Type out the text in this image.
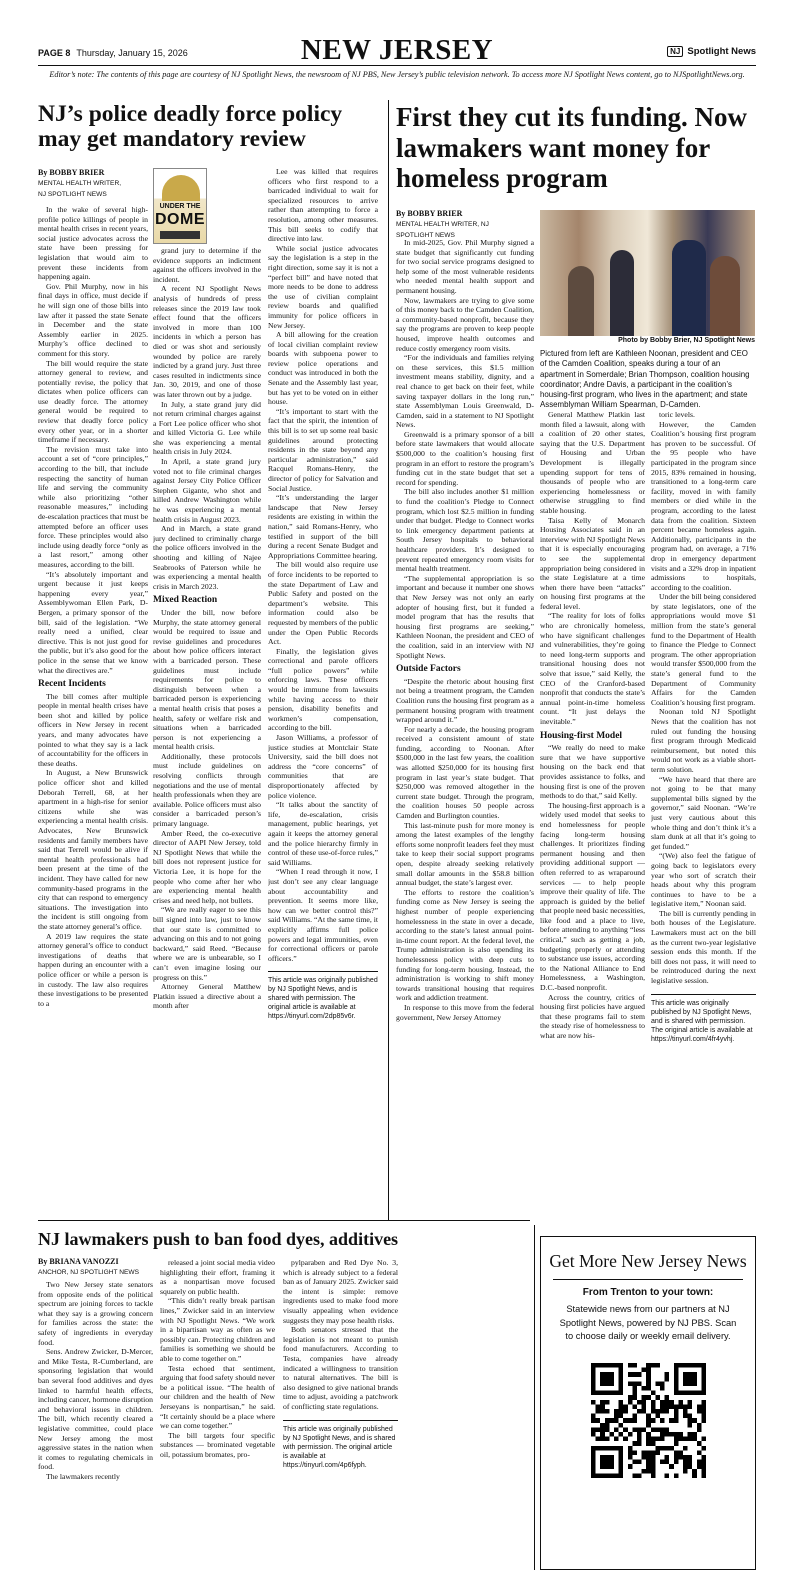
PAGE 8 Thursday, January 15, 2026	NEW JERSEY	NJ Spotlight News
Editor’s note: The contents of this page are courtesy of NJ Spotlight News, the newsroom of NJ PBS, New Jersey’s public television network. To access more NJ Spotlight News content, go to NJSpotlightNews.org.
NJ’s police deadly force policy may get mandatory review
By BOBBY BRIER
MENTAL HEALTH WRITER,
NJ SPOTLIGHT NEWS
UNDER THE
DOME

In the wake of several high-profile police killings of people in mental health crises in recent years, social justice advocates across the state have been pressing for legislation that would aim to prevent these incidents from happening again.

Gov. Phil Murphy, now in his final days in office, must decide if he will sign one of those bills into law after it passed the state Senate in December and the state Assembly earlier in 2025. Murphy’s office declined to comment for this story.

The bill would require the state attorney general to review, and potentially revise, the policy that dictates when police officers can use deadly force. The attorney general would be required to review that deadly force policy every other year, or in a shorter timeframe if necessary.

The revision must take into account a set of “core principles,” according to the bill, that include respecting the sanctity of human life and serving the community while also prioritizing “other reasonable measures,” including de-escalation practices that must be attempted before an officer uses force. These principles would also include using deadly force “only as a last resort,” among other measures, according to the bill.

“It’s absolutely important and urgent because it just keeps happening every year,” Assemblywoman Ellen Park, D-Bergen, a primary sponsor of the bill, said of the legislation. “We really need a unified, clear directive. This is not just good for the public, but it’s also good for the police in the sense that we know what the directives are.”

Recent Incidents

The bill comes after multiple people in mental health crises have been shot and killed by police officers in New Jersey in recent years, and many advocates have pointed to what they say is a lack of accountability for the officers in these deaths.

In August, a New Brunswick police officer shot and killed Deborah Terrell, 68, at her apartment in a high-rise for senior citizens while she was experiencing a mental health crisis. Advocates, New Brunswick residents and family members have said that Terrell would be alive if mental health professionals had been present at the time of the incident. They have called for new community-based programs in the city that can respond to emergency situations. The investigation into the incident is still ongoing from the state attorney general’s office.

A 2019 law requires the state attorney general’s office to conduct investigations of deaths that happen during an encounter with a police officer or while a person is in custody. The law also requires these investigations to be presented to a

grand jury to determine if the evidence supports an indictment against the officers involved in the incident.

A recent NJ Spotlight News analysis of hundreds of press releases since the 2019 law took effect found that the officers involved in more than 100 incidents in which a person has died or was shot and seriously wounded by police are rarely indicted by a grand jury. Just three cases resulted in indictments since Jan. 30, 2019, and one of those was later thrown out by a judge.

In July, a state grand jury did not return criminal charges against a Fort Lee police officer who shot and killed Victoria G. Lee while she was experiencing a mental health crisis in July 2024.

In April, a state grand jury voted not to file criminal charges against Jersey City Police Officer Stephen Gigante, who shot and killed Andrew Washington while he was experiencing a mental health crisis in August 2023.

And in March, a state grand jury declined to criminally charge the police officers involved in the shooting and killing of Najee Seabrooks of Paterson while he was experiencing a mental health crisis in March 2023.

Mixed Reaction

Under the bill, now before Murphy, the state attorney general would be required to issue and revise guidelines and procedures about how police officers interact with a barricaded person. These guidelines must include requirements for police to distinguish between when a barricaded person is experiencing a mental health crisis that poses a health, safety or welfare risk and situations when a barricaded person is not experiencing a mental health crisis.

Additionally, these protocols must include guidelines on resolving conflicts through negotiations and the use of mental health professionals when they are available. Police officers must also consider a barricaded person’s primary language.

Amber Reed, the co-executive director of AAPI New Jersey, told NJ Spotlight News that while the bill does not represent justice for Victoria Lee, it is hope for the people who come after her who are experiencing mental health crises and need help, not bullets.

“We are really eager to see this bill signed into law, just to know that our state is committed to advancing on this and to not going backward,” said Reed. “Because where we are is unbearable, so I can’t even imagine losing our progress on this.”

Attorney General Matthew Platkin issued a directive about a month after

Lee was killed that requires officers who first respond to a barricaded individual to wait for specialized resources to arrive rather than attempting to force a resolution, among other measures. This bill seeks to codify that directive into law.

While social justice advocates say the legislation is a step in the right direction, some say it is not a “perfect bill” and have noted that more needs to be done to address the use of civilian complaint review boards and qualified immunity for police officers in New Jersey.

A bill allowing for the creation of local civilian complaint review boards with subpoena power to review police operations and conduct was introduced in both the Senate and the Assembly last year, but has yet to be voted on in either house.

“It’s important to start with the fact that the spirit, the intention of this bill is to set up some real basic guidelines around protecting residents in the state beyond any particular administration,” said Racquel Romans-Henry, the director of policy for Salvation and Social Justice.

“It’s understanding the larger landscape that New Jersey residents are existing in within the nation,” said Romans-Henry, who testified in support of the bill during a recent Senate Budget and Appropriations Committee hearing.

The bill would also require use of force incidents to be reported to the state Department of Law and Public Safety and posted on the department’s website. This information could also be requested by members of the public under the Open Public Records Act.

Finally, the legislation gives correctional and parole officers “full police powers” while enforcing laws. These officers would be immune from lawsuits while having access to their pension, disability benefits and workmen’s compensation, according to the bill.

Jason Williams, a professor of justice studies at Montclair State University, said the bill does not address the “core concerns” of communities that are disproportionately affected by police violence.

“It talks about the sanctity of life, de-escalation, crisis management, public hearings, yet again it keeps the attorney general and the police hierarchy firmly in control of these use-of-force rules,” said Williams.

“When I read through it now, I just don’t see any clear language about accountability and prevention. It seems more like, how can we better control this?” said Williams. “At the same time, it explicitly affirms full police powers and legal immunities, even for correctional officers or parole officers.”

This article was originally published by NJ Spotlight News, and is shared with permission. The original article is available at https://tinyurl.com/2dp85v6r.
First they cut its funding. Now lawmakers want money for homeless program
By BOBBY BRIER
MENTAL HEALTH WRITER, NJ
SPOTLIGHT NEWS
Photo by Bobby Brier, NJ Spotlight News
Pictured from left are Kathleen Noonan, president and CEO of the Camden Coalition, speaks during a tour of an apartment in Somerdale; Brian Thompson, coalition housing coordinator; Andre Davis, a participant in the coalition’s housing-first program, who lives in the apartment; and state Assemblyman William Spearman, D-Camden.

In mid-2025, Gov. Phil Murphy signed a state budget that significantly cut funding for two social service programs designed to help some of the most vulnerable residents who needed mental health support and permanent housing.

Now, lawmakers are trying to give some of this money back to the Camden Coalition, a community-based nonprofit, because they say the programs are proven to keep people housed, improve health outcomes and reduce costly emergency room visits.

“For the individuals and families relying on these services, this $1.5 million investment means stability, dignity, and a real chance to get back on their feet, while saving taxpayer dollars in the long run,” state Assemblyman Louis Greenwald, D-Camden, said in a statement to NJ Spotlight News.

Greenwald is a primary sponsor of a bill before state lawmakers that would allocate $500,000 to the coalition’s housing first program in an effort to restore the program’s funding cut in the state budget that set a record for spending.

The bill also includes another $1 million to fund the coalition’s Pledge to Connect program, which lost $2.5 million in funding under that budget. Pledge to Connect works to link emergency department patients at South Jersey hospitals to behavioral healthcare providers. It’s designed to prevent repeated emergency room visits for mental health treatment.

“The supplemental appropriation is so important and because it number one shows that New Jersey was not only an early adopter of housing first, but it funded a model program that has the results that housing first programs are seeking,” Kathleen Noonan, the president and CEO of the coalition, said in an interview with NJ Spotlight News.

Outside Factors

“Despite the rhetoric about housing first not being a treatment program, the Camden Coalition runs the housing first program as a permanent housing program with treatment wrapped around it.”

For nearly a decade, the housing program received a consistent amount of state funding, according to Noonan. After $500,000 in the last few years, the coalition was allotted $250,000 for its housing first program in last year’s state budget. That $250,000 was removed altogether in the current state budget. Through the program, the coalition houses 50 people across Camden and Burlington counties.

This last-minute push for more money is among the latest examples of the lengthy efforts some nonprofit leaders feel they must take to keep their social support programs open, despite already seeking relatively small dollar amounts in the $58.8 billion annual budget, the state’s largest ever.

The efforts to restore the coalition’s funding come as New Jersey is seeing the highest number of people experiencing homelessness in the state in over a decade, according to the state’s latest annual point-in-time count report. At the federal level, the Trump administration is also upending its homelessness policy with deep cuts to funding for long-term housing. Instead, the administration is working to shift money towards transitional housing that requires work and addiction treatment.

In response to this move from the federal government, New Jersey Attorney

General Matthew Platkin last month filed a lawsuit, along with a coalition of 20 other states, saying that the U.S. Department of Housing and Urban Development is illegally upending support for tens of thousands of people who are experiencing homelessness or otherwise struggling to find stable housing.

Taisa Kelly of Monarch Housing Associates said in an interview with NJ Spotlight News that it is especially encouraging to see the supplemental appropriation being considered in the state Legislature at a time when there have been “attacks” on housing first programs at the federal level.

“The reality for lots of folks who are chronically homeless, who have significant challenges and vulnerabilities, they’re going to need long-term supports and transitional housing does not solve that issue,” said Kelly, the CEO of the Cranford-based nonprofit that conducts the state’s annual point-in-time homeless count. “It just delays the inevitable.”

Housing-first Model

“We really do need to make sure that we have supportive housing on the back end that provides assistance to folks, and housing first is one of the proven methods to do that,” said Kelly.

The housing-first approach is a widely used model that seeks to end homelessness for people facing long-term housing challenges. It prioritizes finding permanent housing and then providing additional support — often referred to as wraparound services — to help people improve their quality of life. The approach is guided by the belief that people need basic necessities, like food and a place to live, before attending to anything “less critical,” such as getting a job, budgeting properly or attending to substance use issues, according to the National Alliance to End Homelessness, a Washington, D.C.-based nonprofit.

Across the country, critics of housing first policies have argued that these programs fail to stem the steady rise of homelessness to what are now his-

toric levels.

However, the Camden Coalition’s housing first program has proven to be successful. Of the 95 people who have participated in the program since 2015, 83% remained in housing, transitioned to a long-term care facility, moved in with family members or died while in the program, according to the latest data from the coalition. Sixteen percent became homeless again. Additionally, participants in the program had, on average, a 71% drop in emergency department visits and a 32% drop in inpatient admissions to hospitals, according to the coalition.

Under the bill being considered by state legislators, one of the appropriations would move $1 million from the state’s general fund to the Department of Health to finance the Pledge to Connect program. The other appropriation would transfer $500,000 from the state’s general fund to the Department of Community Affairs for the Camden Coalition’s housing first program.

Noonan told NJ Spotlight News that the coalition has not ruled out funding the housing first program through Medicaid reimbursement, but noted this would not work as a viable short-term solution.

“We have heard that there are not going to be that many supplemental bills signed by the governor,” said Noonan. “We’re just very cautious about this whole thing and don’t think it’s a slam dunk at all that it’s going to get funded.”

“(We) also feel the fatigue of going back to legislators every year who sort of scratch their heads about why this program continues to have to be a legislative item,” Noonan said.

The bill is currently pending in both houses of the Legislature. Lawmakers must act on the bill as the current two-year legislative session ends this month. If the bill does not pass, it will need to be reintroduced during the next legislative session.

This article was originally published by NJ Spotlight News, and is shared with permission. The original article is available at https://tinyurl.com/4fr4yvhj.
NJ lawmakers push to ban food dyes, additives
By BRIANA VANOZZI
ANCHOR, NJ SPOTLIGHT NEWS

Two New Jersey state senators from opposite ends of the political spectrum are joining forces to tackle what they say is a growing concern for families across the state: the safety of ingredients in everyday food.

Sens. Andrew Zwicker, D-Mercer, and Mike Testa, R-Cumberland, are sponsoring legislation that would ban several food additives and dyes linked to harmful health effects, including cancer, hormone disruption and behavioral issues in children. The bill, which recently cleared a legislative committee, could place New Jersey among the most aggressive states in the nation when it comes to regulating chemicals in food.

The lawmakers recently

released a joint social media video highlighting their effort, framing it as a nonpartisan move focused squarely on public health.

“This didn’t really break partisan lines,” Zwicker said in an interview with NJ Spotlight News. “We work in a bipartisan way as often as we possibly can. Protecting children and families is something we should be able to come together on.”

Testa echoed that sentiment, arguing that food safety should never be a political issue. “The health of our children and the health of New Jerseyans is nonpartisan,” he said. “It certainly should be a place where we can come together.”

The bill targets four specific substances — brominated vegetable oil, potassium bromates, pro-

pylparaben and Red Dye No. 3, which is already subject to a federal ban as of January 2025. Zwicker said the intent is simple: remove ingredients used to make food more visually appealing when evidence suggests they may pose health risks.

Both senators stressed that the legislation is not meant to punish food manufacturers. According to Testa, companies have already indicated a willingness to transition to natural alternatives. The bill is also designed to give national brands time to adjust, avoiding a patchwork of conflicting state regulations.

This article was originally published by NJ Spotlight News, and is shared with permission. The original article is available at https://tinyurl.com/4p6fyph.
Get More New Jersey News
From Trenton to your town:
Statewide news from our partners at NJ Spotlight News, powered by NJ PBS. Scan to choose daily or weekly email delivery.
